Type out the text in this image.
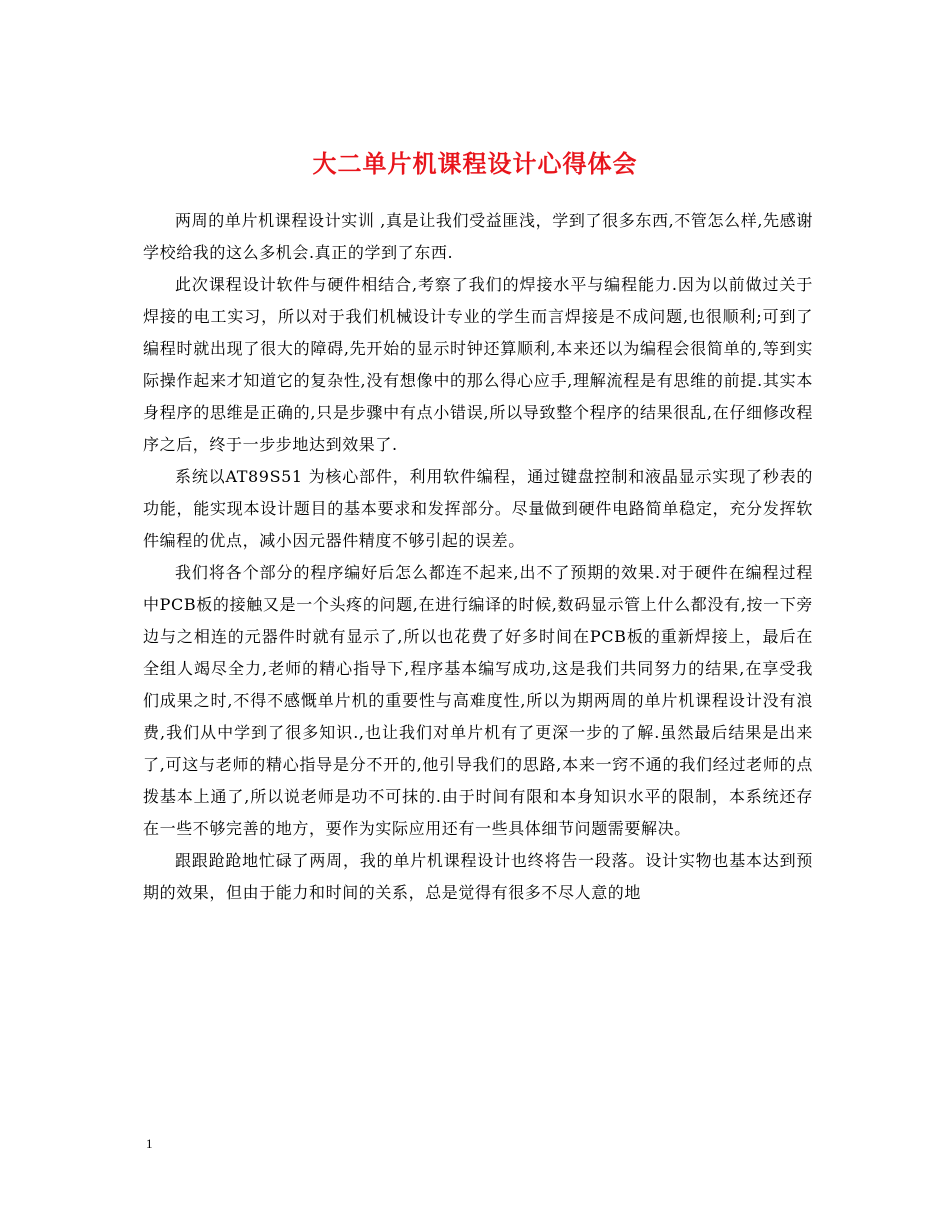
大二单片机课程设计心得体会

两周的单片机课程设计实训 ,真是让我们受益匪浅，学到了很多东西,不管怎么样,先感谢学校给我的这么多机会.真正的学到了东西.

此次课程设计软件与硬件相结合,考察了我们的焊接水平与编程能力.因为以前做过关于焊接的电工实习，所以对于我们机械设计专业的学生而言焊接是不成问题,也很顺利;可到了编程时就出现了很大的障碍,先开始的显示时钟还算顺利,本来还以为编程会很简单的,等到实际操作起来才知道它的复杂性,没有想像中的那么得心应手,理解流程是有思维的前提.其实本身程序的思维是正确的,只是步骤中有点小错误,所以导致整个程序的结果很乱,在仔细修改程序之后，终于一步步地达到效果了.

系统以AT89S51 为核心部件，利用软件编程，通过键盘控制和液晶显示实现了秒表的功能，能实现本设计题目的基本要求和发挥部分。尽量做到硬件电路简单稳定，充分发挥软件编程的优点，减小因元器件精度不够引起的误差。

我们将各个部分的程序编好后怎么都连不起来,出不了预期的效果.对于硬件在编程过程中PCB板的接触又是一个头疼的问题,在进行编译的时候,数码显示管上什么都没有,按一下旁边与之相连的元器件时就有显示了,所以也花费了好多时间在PCB板的重新焊接上，最后在全组人竭尽全力,老师的精心指导下,程序基本编写成功,这是我们共同努力的结果,在享受我们成果之时,不得不感慨单片机的重要性与高难度性,所以为期两周的单片机课程设计没有浪费,我们从中学到了很多知识.,也让我们对单片机有了更深一步的了解.虽然最后结果是出来了,可这与老师的精心指导是分不开的,他引导我们的思路,本来一窍不通的我们经过老师的点拨基本上通了,所以说老师是功不可抹的.由于时间有限和本身知识水平的限制，本系统还存在一些不够完善的地方，要作为实际应用还有一些具体细节问题需要解决。

跟跟跄跄地忙碌了两周，我的单片机课程设计也终将告一段落。设计实物也基本达到预期的效果，但由于能力和时间的关系，总是觉得有很多不尽人意的地

1
